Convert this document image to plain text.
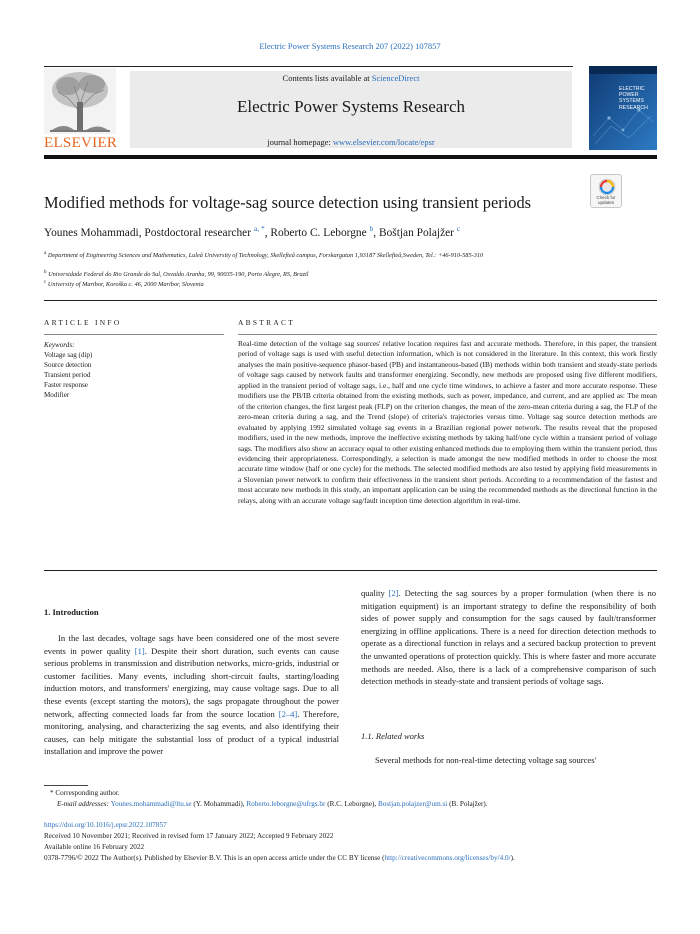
Electric Power Systems Research 207 (2022) 107857
ELSEVIER
Contents lists available at ScienceDirect
Electric Power Systems Research
journal homepage: www.elsevier.com/locate/epsr
ELECTRIC
POWER
SYSTEMS
RESEARCH
Check for updates
Modified methods for voltage-sag source detection using transient periods
Younes Mohammadi, Postdoctoral researcher $^{a, *}$, Roberto C. Leborgne $^b$, Boštjan Polajžer $^c$
$^a$ Department of Engineering Sciences and Mathematics, Luleå University of Technology, Skellefteå campus, Forskargatan 1,93187 Skellefteå,Sweden, Tel.: +46-910-585-310
$^b$ Universidade Federal do Rio Grande do Sul, Osvaldo Aranha, 99, 90035-190, Porto Alegre, RS, Brazil
$^c$ University of Maribor, Koroška c. 46, 2000 Maribor, Slovenia
ARTICLE INFO
Keywords:
Voltage sag (dip)
Source detection
Transient period
Faster response
Modifier
ABSTRACT
Real-time detection of the voltage sag sources' relative location requires fast and accurate methods. Therefore, in this paper, the transient period of voltage sags is used with useful detection information, which is not considered in the literature. In this context, this work firstly analyses the main positive-sequence phasor-based (PB) and instantaneous-based (IB) methods within both transient and steady-state periods of voltage sags caused by network faults and transformer energizing. Secondly, new methods are proposed using five different modifiers, applied in the transient period of voltage sags, i.e., half and one cycle time windows, to achieve a faster and more accurate response. These modifiers use the PB/IB criteria obtained from the existing methods, such as power, impedance, and current, and are applied as: The mean of the criterion changes, the first largest peak (FLP) on the criterion changes, the mean of the zero-mean criteria during a sag, the FLP of the zero-mean criteria during a sag, and the Trend (slope) of criteria's trajectories versus time. Voltage sag source detection methods are evaluated by applying 1992 simulated voltage sag events in a Brazilian regional power network. The results reveal that the proposed modifiers, used in the new methods, improve the ineffective existing methods by taking half/one cycle within a transient period of voltage sags. The modifiers also show an accuracy equal to other existing enhanced methods due to employing them within the transient period, thus evidencing their appropriateness. Correspondingly, a selection is made amongst the new modified methods in order to choose the most accurate time window (half or one cycle) for the methods. The selected modified methods are also tested by applying field measurements in a Slovenian power network to confirm their effectiveness in the transient short periods. According to a recommendation of the fastest and most accurate new methods in this study, an important application can be using the recommended methods as the directional function in the relays, along with an accurate voltage sag/fault inception time detection algorithm in real-time.
1. Introduction
In the last decades, voltage sags have been considered one of the most severe events in power quality [1]. Despite their short duration, such events can cause serious problems in transmission and distribution networks, micro-grids, industrial or customer facilities. Many events, including short-circuit faults, starting/loading induction motors, and transformers' energizing, may cause voltage sags. Due to all these events (except starting the motors), the sags propagate throughout the power network, affecting connected loads far from the source location [2–4]. Therefore, monitoring, analysing, and characterizing the sag events, and also identifying their causes, can help mitigate the substantial loss of product of a typical industrial installation and improve the power
quality [2]. Detecting the sag sources by a proper formulation (when there is no mitigation equipment) is an important strategy to define the responsibility of both sides of power supply and consumption for the sags caused by fault/transformer energizing in offline applications. There is a need for direction detection methods to operate as a directional function in relays and a secured backup protection to prevent the unwanted operations of protection quickly. This is where faster and more accurate methods are needed. Also, there is a lack of a comprehensive comparison of such detection methods in steady-state and transient periods of voltage sags.
1.1. Related works
Several methods for non-real-time detecting voltage sag sources'
* Corresponding author.
E-mail addresses: Younes.mohammadi@ltu.se (Y. Mohammadi), Roberto.leborgne@ufrgs.br (R.C. Leborgne), Bostjan.polajzer@um.si (B. Polajžer).
https://doi.org/10.1016/j.epsr.2022.107857
Received 10 November 2021; Received in revised form 17 January 2022; Accepted 9 February 2022
Available online 16 February 2022
0378-7796/© 2022 The Author(s). Published by Elsevier B.V. This is an open access article under the CC BY license (http://creativecommons.org/licenses/by/4.0/).
